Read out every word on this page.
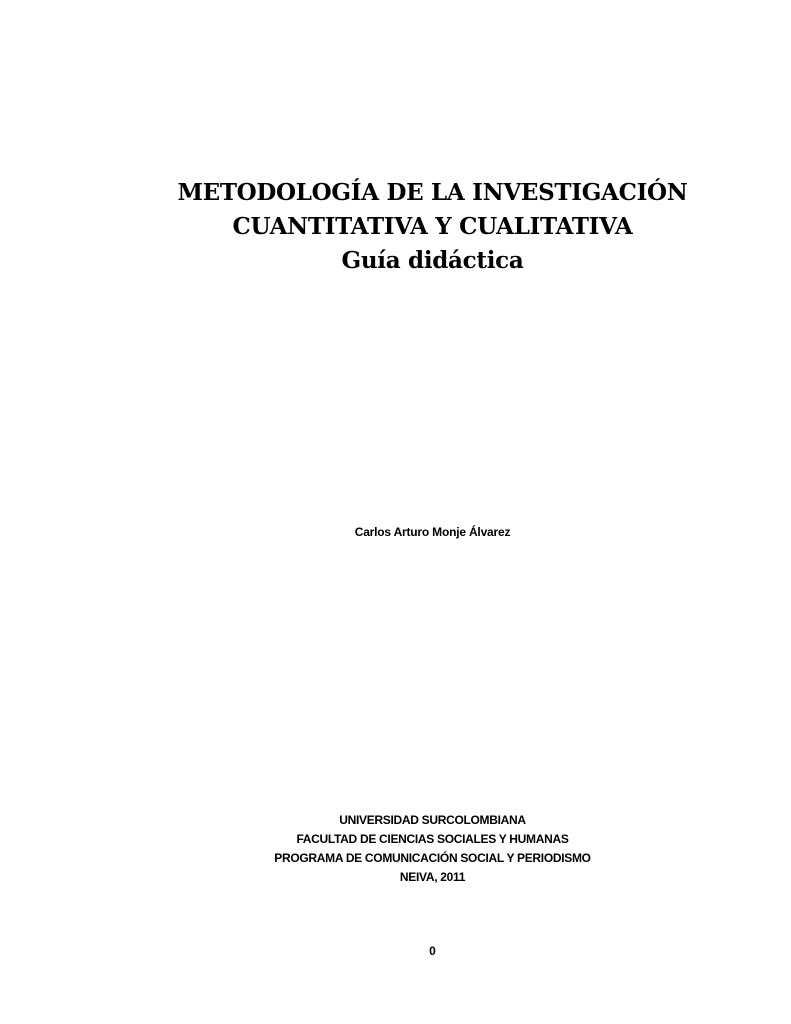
METODOLOGÍA DE LA INVESTIGACIÓN
CUANTITATIVA Y CUALITATIVA
Guía didáctica
Carlos Arturo Monje Álvarez
UNIVERSIDAD SURCOLOMBIANA
FACULTAD DE CIENCIAS SOCIALES Y HUMANAS
PROGRAMA DE COMUNICACIÓN SOCIAL Y PERIODISMO
NEIVA, 2011
0
